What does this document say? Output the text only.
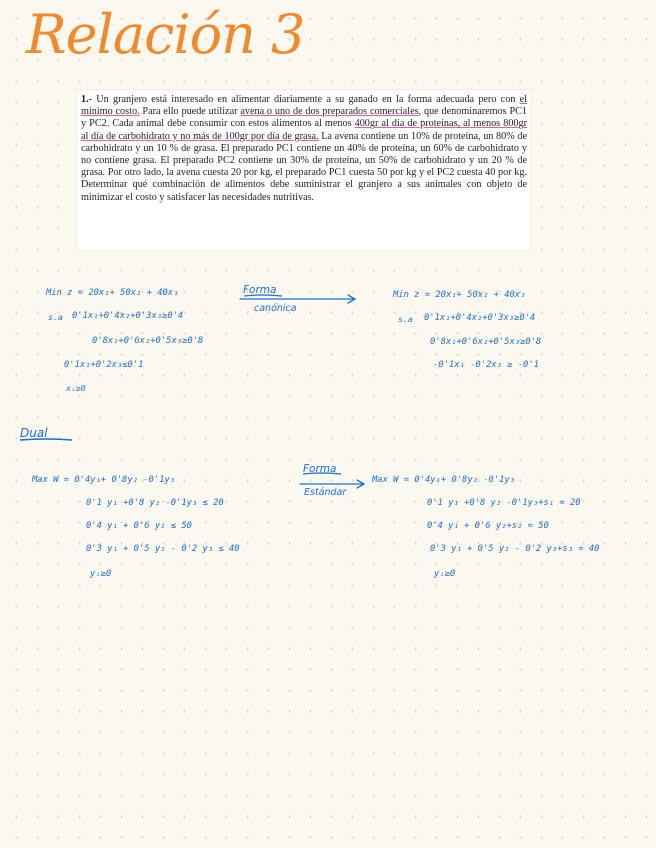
Relación 3
1.- Un granjero está interesado en alimentar diariamente a su ganado en la forma adecuada pero con el mínimo costo. Para ello puede utilizar avena o uno de dos preparados comerciales, que denominaremos PC1 y PC2. Cada animal debe consumir con estos alimentos al menos 400gr al día de proteínas, al menos 800gr al día de carbohidrato y no más de 100gr por día de grasa. La avena contiene un 10% de proteína, un 80% de carbohidrato y un 10 % de grasa. El preparado PC1 contiene un 40% de proteína, un 60% de carbohidrato y no contiene grasa. El preparado PC2 contiene un 30% de proteína, un 50% de carbohidrato y un 20 % de grasa. Por otro lado, la avena cuesta 20 por kg, el preparado PC1 cuesta 50 por kg y el PC2 cuesta 40 por kg. Determinar qué combinación de alimentos debe suministrar el granjero a sus animales con objeto de minimizar el costo y satisfacer las necesidades nutritivas.
Min z = 20x₁+ 50x₂ + 40x₃
s.a 0'1x₁+0'4x₂+0'3x₃≥0'4
0'8x₁+0'6x₂+0'5x₃≥0'8
0'1x₁+0'2x₃≤0'1
xᵢ≥0
Forma
canónica
Min z = 20x₁+ 50x₂ + 40x₃
s.a 0'1x₁+0'4x₂+0'3x₃≥0'4
0'8x₁+0'6x₂+0'5x₃≥0'8
-0'1x₁ -0'2x₃ ≥ -0'1
Dual
Max W = 0'4y₁+ 0'8y₂ -0'1y₃
0'1 y₁ +0'8 y₂ -0'1y₃ ≤ 20
0'4 y₁ + 0'6 y₂ ≤ 50
0'3 y₁ + 0'5 y₂ - 0'2 y₃ ≤ 40
yᵢ≥0
Forma
Estándar
Max W = 0'4y₁+ 0'8y₂ -0'1y₃
0'1 y₁ +0'8 y₂ -0'1y₃+s₁ = 20
0'4 y₁ + 0'6 y₂+s₂ = 50
0'3 y₁ + 0'5 y₂ - 0'2 y₃+s₃ = 40
yᵢ≥0
